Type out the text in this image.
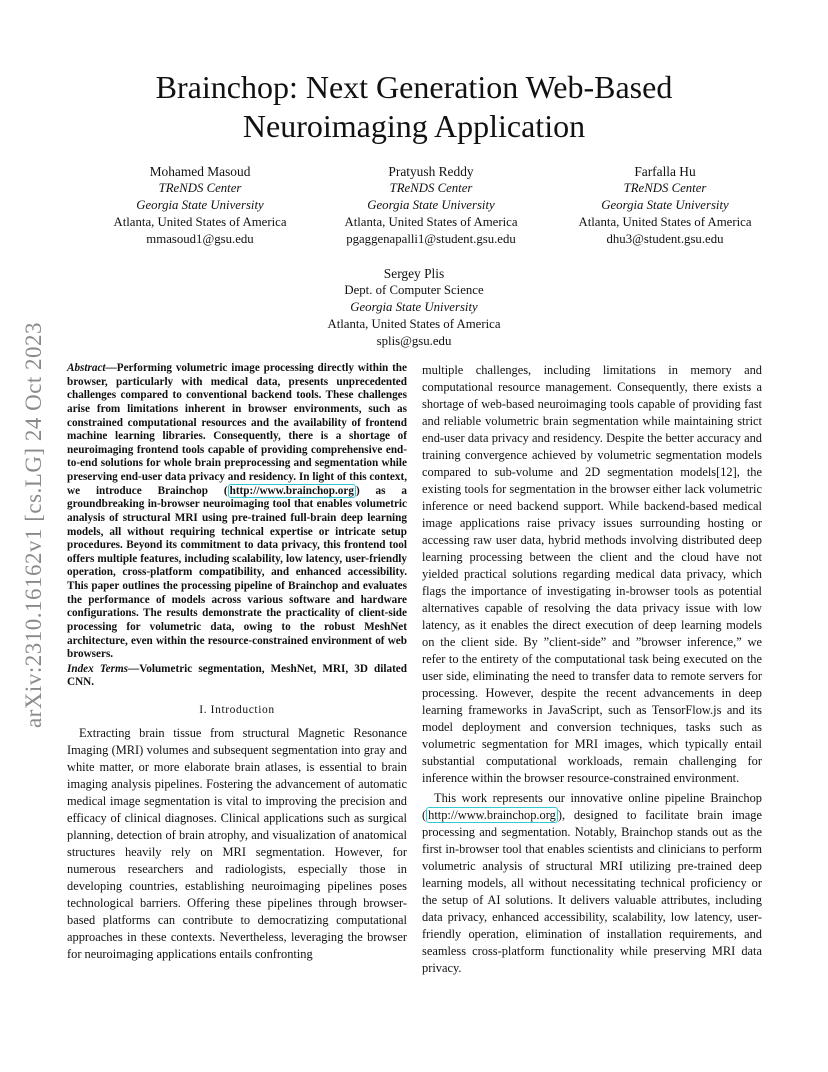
arXiv:2310.16162v1 [cs.LG] 24 Oct 2023
Brainchop: Next Generation Web-Based
Neuroimaging Application
Mohamed Masoud
TReNDS Center
Georgia State University
Atlanta, United States of America
mmasoud1@gsu.edu
Pratyush Reddy
TReNDS Center
Georgia State University
Atlanta, United States of America
pgaggenapalli1@student.gsu.edu
Farfalla Hu
TReNDS Center
Georgia State University
Atlanta, United States of America
dhu3@student.gsu.edu
Sergey Plis
Dept. of Computer Science
Georgia State University
Atlanta, United States of America
splis@gsu.edu
Abstract—Performing volumetric image processing directly within the browser, particularly with medical data, presents unprecedented challenges compared to conventional backend tools. These challenges arise from limitations inherent in browser environments, such as constrained computational resources and the availability of frontend machine learning libraries. Consequently, there is a shortage of neuroimaging frontend tools capable of providing comprehensive end-to-end solutions for whole brain preprocessing and segmentation while preserving end-user data privacy and residency. In light of this context, we introduce Brainchop ( http://www.brainchop.org ) as a groundbreaking in-browser neuroimaging tool that enables volumetric analysis of structural MRI using pre-trained full-brain deep learning models, all without requiring technical expertise or intricate setup procedures. Beyond its commitment to data privacy, this frontend tool offers multiple features, including scalability, low latency, user-friendly operation, cross-platform compatibility, and enhanced accessibility. This paper outlines the processing pipeline of Brainchop and evaluates the performance of models across various software and hardware configurations. The results demonstrate the practicality of client-side processing for volumetric data, owing to the robust MeshNet architecture, even within the resource-constrained environment of web browsers.
Index Terms—Volumetric segmentation, MeshNet, MRI, 3D dilated CNN.
I. Introduction
Extracting brain tissue from structural Magnetic Resonance Imaging (MRI) volumes and subsequent segmentation into gray and white matter, or more elaborate brain atlases, is essential to brain imaging analysis pipelines. Fostering the advancement of automatic medical image segmentation is vital to improving the precision and efficacy of clinical diagnoses. Clinical applications such as surgical planning, detection of brain atrophy, and visualization of anatomical structures heavily rely on MRI segmentation. However, for numerous researchers and radiologists, especially those in developing countries, establishing neuroimaging pipelines poses technological barriers. Offering these pipelines through browser-based platforms can contribute to democratizing computational approaches in these contexts. Nevertheless, leveraging the browser for neuroimaging applications entails confronting
multiple challenges, including limitations in memory and computational resource management. Consequently, there exists a shortage of web-based neuroimaging tools capable of providing fast and reliable volumetric brain segmentation while maintaining strict end-user data privacy and residency. Despite the better accuracy and training convergence achieved by volumetric segmentation models compared to sub-volume and 2D segmentation models[12], the existing tools for segmentation in the browser either lack volumetric inference or need backend support. While backend-based medical image applications raise privacy issues surrounding hosting or accessing raw user data, hybrid methods involving distributed deep learning processing between the client and the cloud have not yielded practical solutions regarding medical data privacy, which flags the importance of investigating in-browser tools as potential alternatives capable of resolving the data privacy issue with low latency, as it enables the direct execution of deep learning models on the client side. By ”client-side” and ”browser inference,” we refer to the entirety of the computational task being executed on the user side, eliminating the need to transfer data to remote servers for processing. However, despite the recent advancements in deep learning frameworks in JavaScript, such as TensorFlow.js and its model deployment and conversion techniques, tasks such as volumetric segmentation for MRI images, which typically entail substantial computational workloads, remain challenging for inference within the browser resource-constrained environment.
This work represents our innovative online pipeline Brainchop ( http://www.brainchop.org ), designed to facilitate brain image processing and segmentation. Notably, Brainchop stands out as the first in-browser tool that enables scientists and clinicians to perform volumetric analysis of structural MRI utilizing pre-trained deep learning models, all without necessitating technical proficiency or the setup of AI solutions. It delivers valuable attributes, including data privacy, enhanced accessibility, scalability, low latency, user-friendly operation, elimination of installation requirements, and seamless cross-platform functionality while preserving MRI data privacy.
